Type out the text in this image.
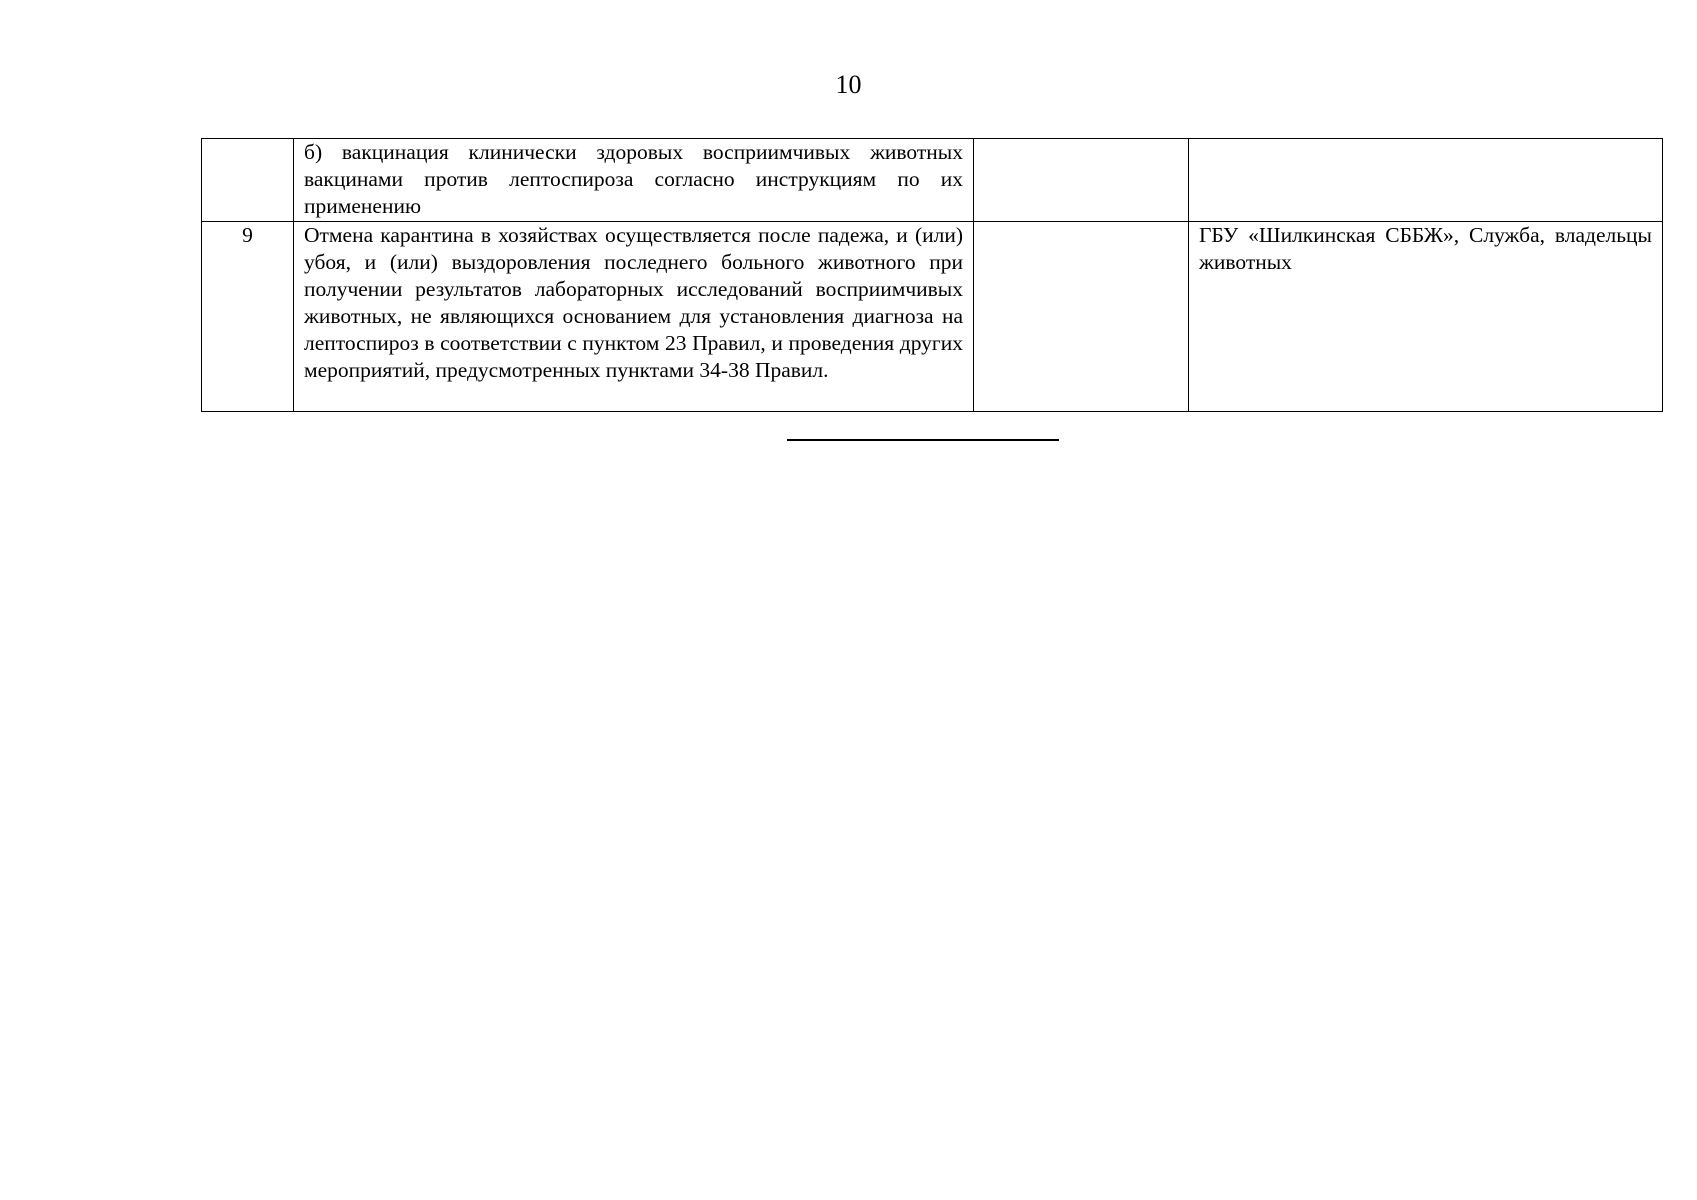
10
	б) вакцинация клинически здоровых восприимчивых животных вакцинами против лептоспироза согласно инструкциям по их применению		
9	Отмена карантина в хозяйствах осуществляется после падежа, и (или) убоя, и (или) выздоровления последнего больного животного при получении результатов лабораторных исследований восприимчивых животных, не являющихся основанием для установления диагноза на лептоспироз в соответствии с пунктом 23 Правил, и проведения других мероприятий, предусмотренных пунктами 34-38 Правил.		ГБУ «Шилкинская СББЖ», Служба, владельцы животных
